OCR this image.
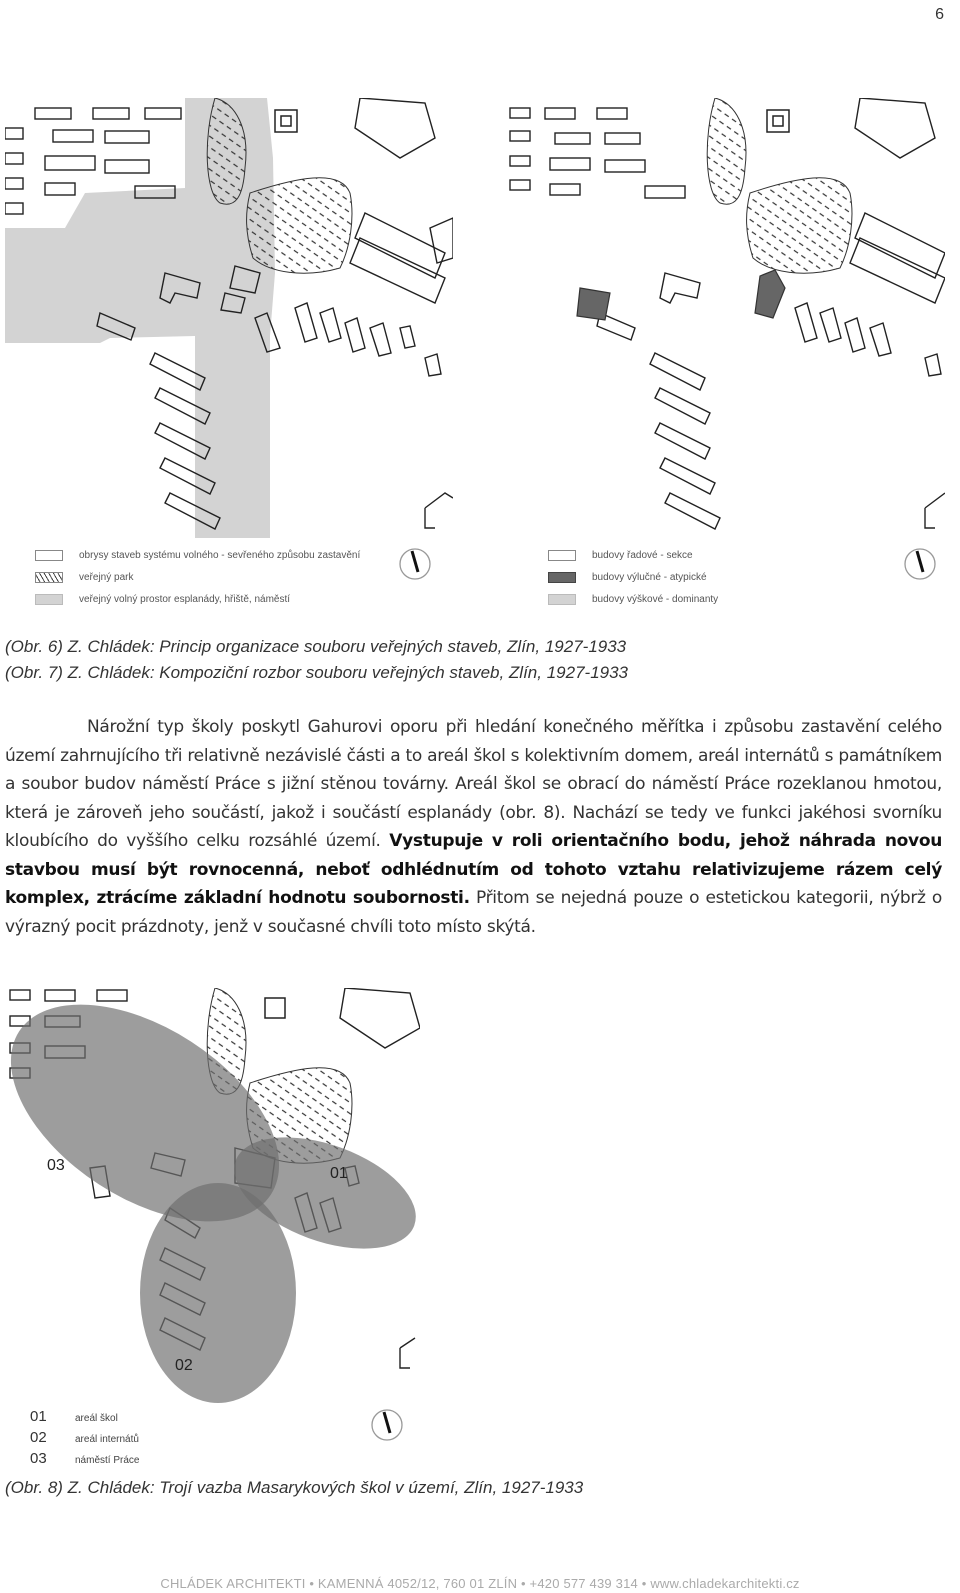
6
obrysy staveb systému volného - sevřeného způsobu zastavění
veřejný park
veřejný volný prostor esplanády, hřiště, náměstí
budovy řadové - sekce
budovy výlučné - atypické
budovy výškové - dominanty
(Obr. 6) Z. Chládek: Princip organizace souboru veřejných staveb, Zlín, 1927-1933
(Obr. 7) Z. Chládek: Kompoziční rozbor souboru veřejných staveb, Zlín, 1927-1933
Nárožní typ školy poskytl Gahurovi oporu při hledání konečného měřítka i způsobu zastavění celého území zahrnujícího tři relativně nezávislé části a to areál škol s kolektivním domem, areál internátů s památníkem a soubor budov náměstí Práce s jižní stěnou továrny. Areál škol se obrací do náměstí Práce rozeklanou hmotou, která je zároveň jeho součástí, jakož i součástí esplanády (obr. 8). Nachází se tedy ve funkci jakéhosi svorníku kloubícího do vyššího celku rozsáhlé území. Vystupuje v roli orientačního bodu, jehož náhrada novou stavbou musí být rovnocenná, neboť odhlédnutím od tohoto vztahu relativizujeme rázem celý komplex, ztrácíme základní hodnotu soubornosti. Přitom se nejedná pouze o estetickou kategorii, nýbrž o výrazný pocit prázdnoty, jenž v současné chvíli toto místo skýtá.
03	01
02
01	areál škol
02	areál internátů
03	náměstí Práce
(Obr. 8) Z. Chládek: Trojí vazba Masarykových škol v území, Zlín, 1927-1933
CHLÁDEK ARCHITEKTI • KAMENNÁ 4052/12, 760 01 ZLÍN • +420 577 439 314 • www.chladekarchitekti.cz
